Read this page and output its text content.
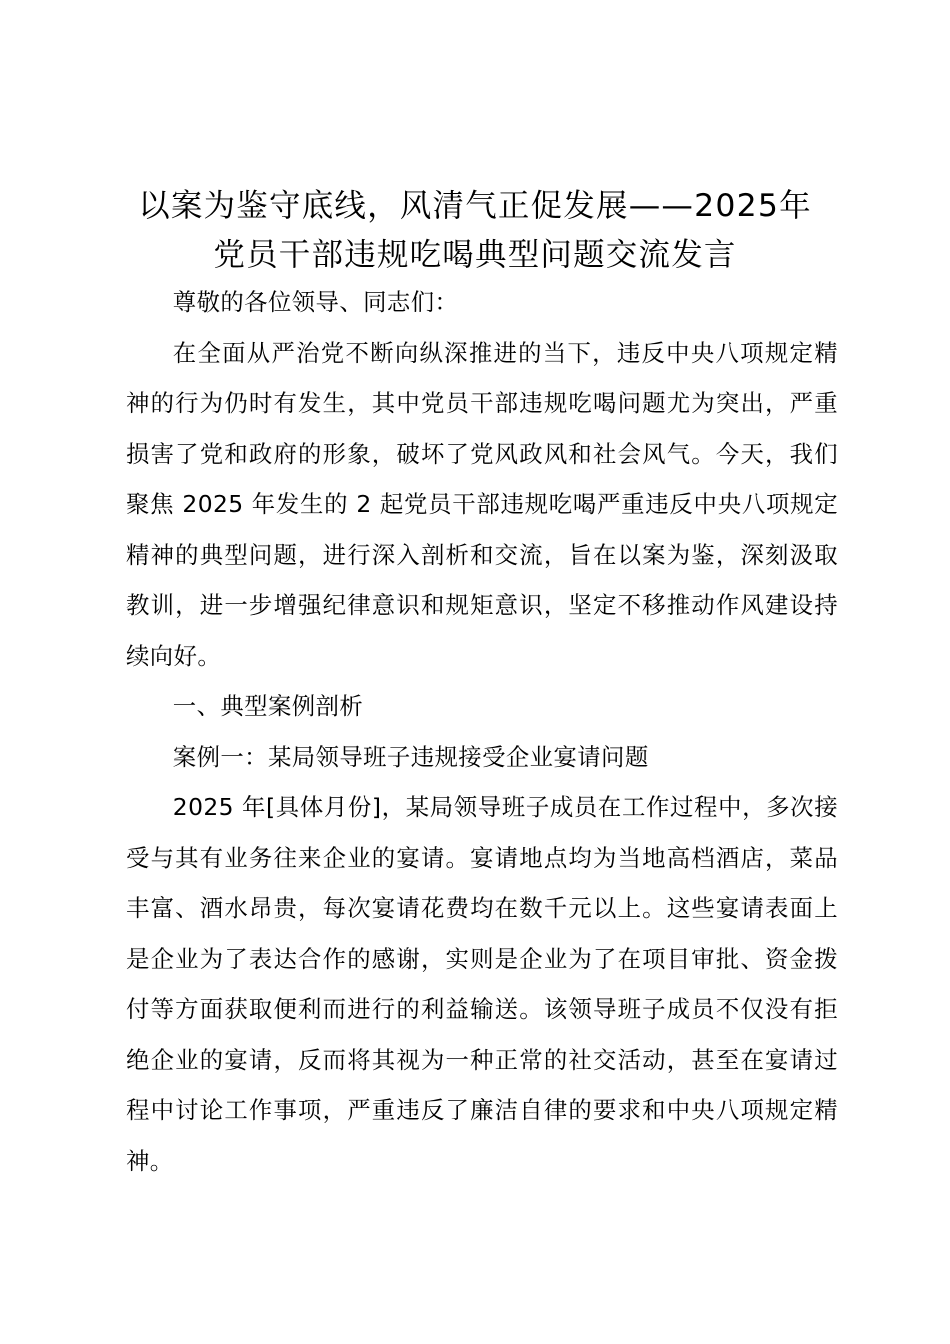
以案为鉴守底线，风清气正促发展——2025年党员干部违规吃喝典型问题交流发言

尊敬的各位领导、同志们：

在全面从严治党不断向纵深推进的当下，违反中央八项规定精神的行为仍时有发生，其中党员干部违规吃喝问题尤为突出，严重损害了党和政府的形象，破坏了党风政风和社会风气。今天，我们聚焦 2025 年发生的 2 起党员干部违规吃喝严重违反中央八项规定精神的典型问题，进行深入剖析和交流，旨在以案为鉴，深刻汲取教训，进一步增强纪律意识和规矩意识，坚定不移推动作风建设持续向好。

一、典型案例剖析

案例一：某局领导班子违规接受企业宴请问题

2025 年[具体月份]，某局领导班子成员在工作过程中，多次接受与其有业务往来企业的宴请。宴请地点均为当地高档酒店，菜品丰富、酒水昂贵，每次宴请花费均在数千元以上。这些宴请表面上是企业为了表达合作的感谢，实则是企业为了在项目审批、资金拨付等方面获取便利而进行的利益输送。该领导班子成员不仅没有拒绝企业的宴请，反而将其视为一种正常的社交活动，甚至在宴请过程中讨论工作事项，严重违反了廉洁自律的要求和中央八项规定精神。
